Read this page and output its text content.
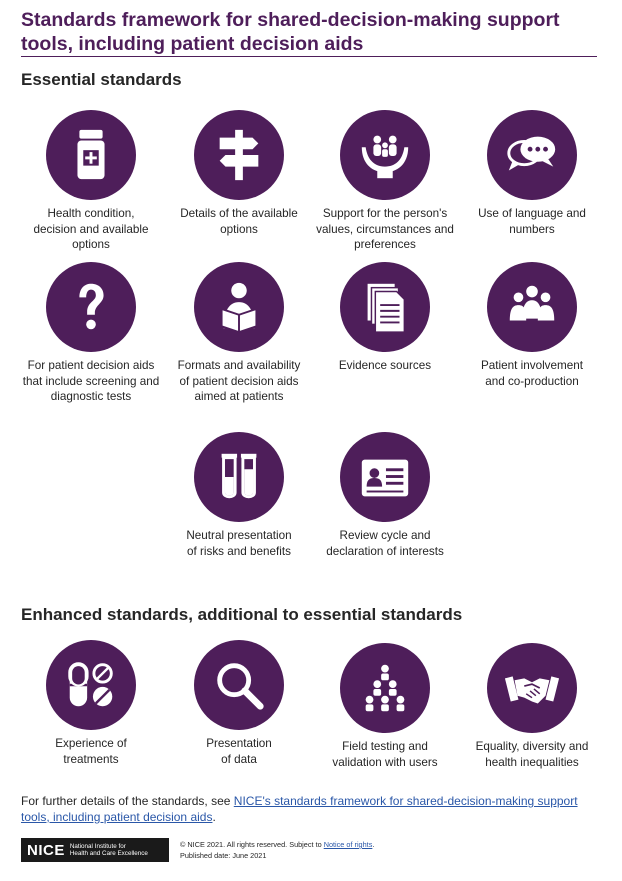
Standards framework for shared-decision-making support tools, including patient decision aids
Essential standards
Health condition,
decision and available
options
Details of the available
options
Support for the person's
values, circumstances and
preferences
Use of language and
numbers
For patient decision aids
that include screening and
diagnostic tests
Formats and availability
of patient decision aids
aimed at patients
Evidence sources	Patient involvement
and co-production
Neutral presentation
of risks and benefits
Review cycle and
declaration of interests
Enhanced standards, additional to essential standards
Experience of
treatments
Presentation
of data
Field testing and
validation with users
Equality, diversity and
health inequalities
For further details of the standards, see NICE's standards framework for shared-decision-making support tools, including patient decision aids.
NICE National Institute for
Health and Care Excellence
© NICE 2021. All rights reserved. Subject to Notice of rights.
Published date: June 2021
